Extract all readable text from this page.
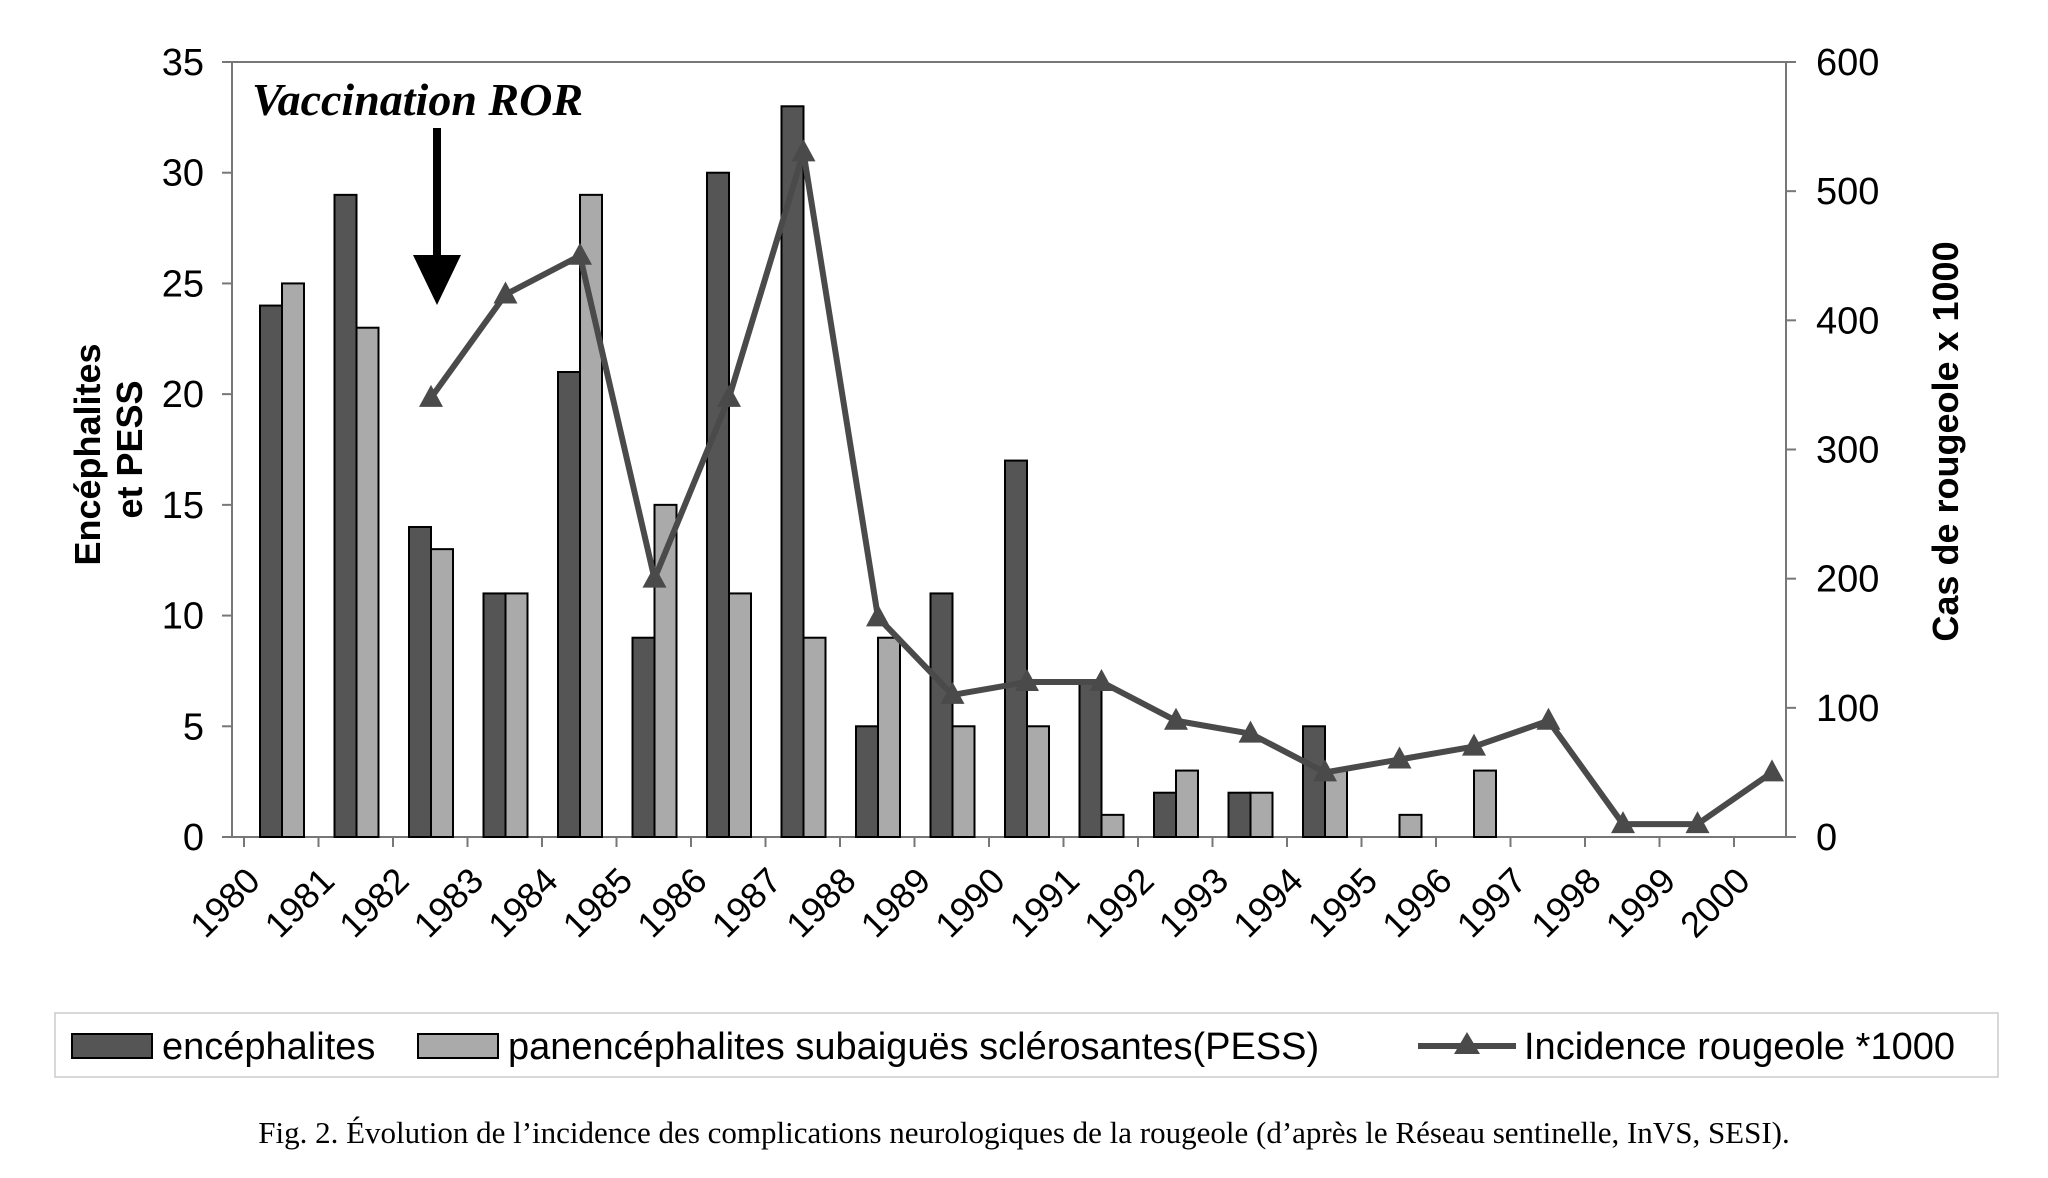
0
5
10
15
20
25
30
35
0
100
200
300
400
500
600
1980
1981
1982
1983
1984
1985
1986
1987
1988
1989
1990
1991
1992
1993
1994
1995
1996
1997
1998
1999
2000
Encéphalites et PESS	Cas de rougeole x 1000
Vaccination ROR
encéphalites	panencéphalites subaiguës sclérosantes(PESS)	Incidence rougeole *1000
Fig. 2. Évolution de l’incidence des complications neurologiques de la rougeole (d’après le Réseau sentinelle, InVS, SESI).
